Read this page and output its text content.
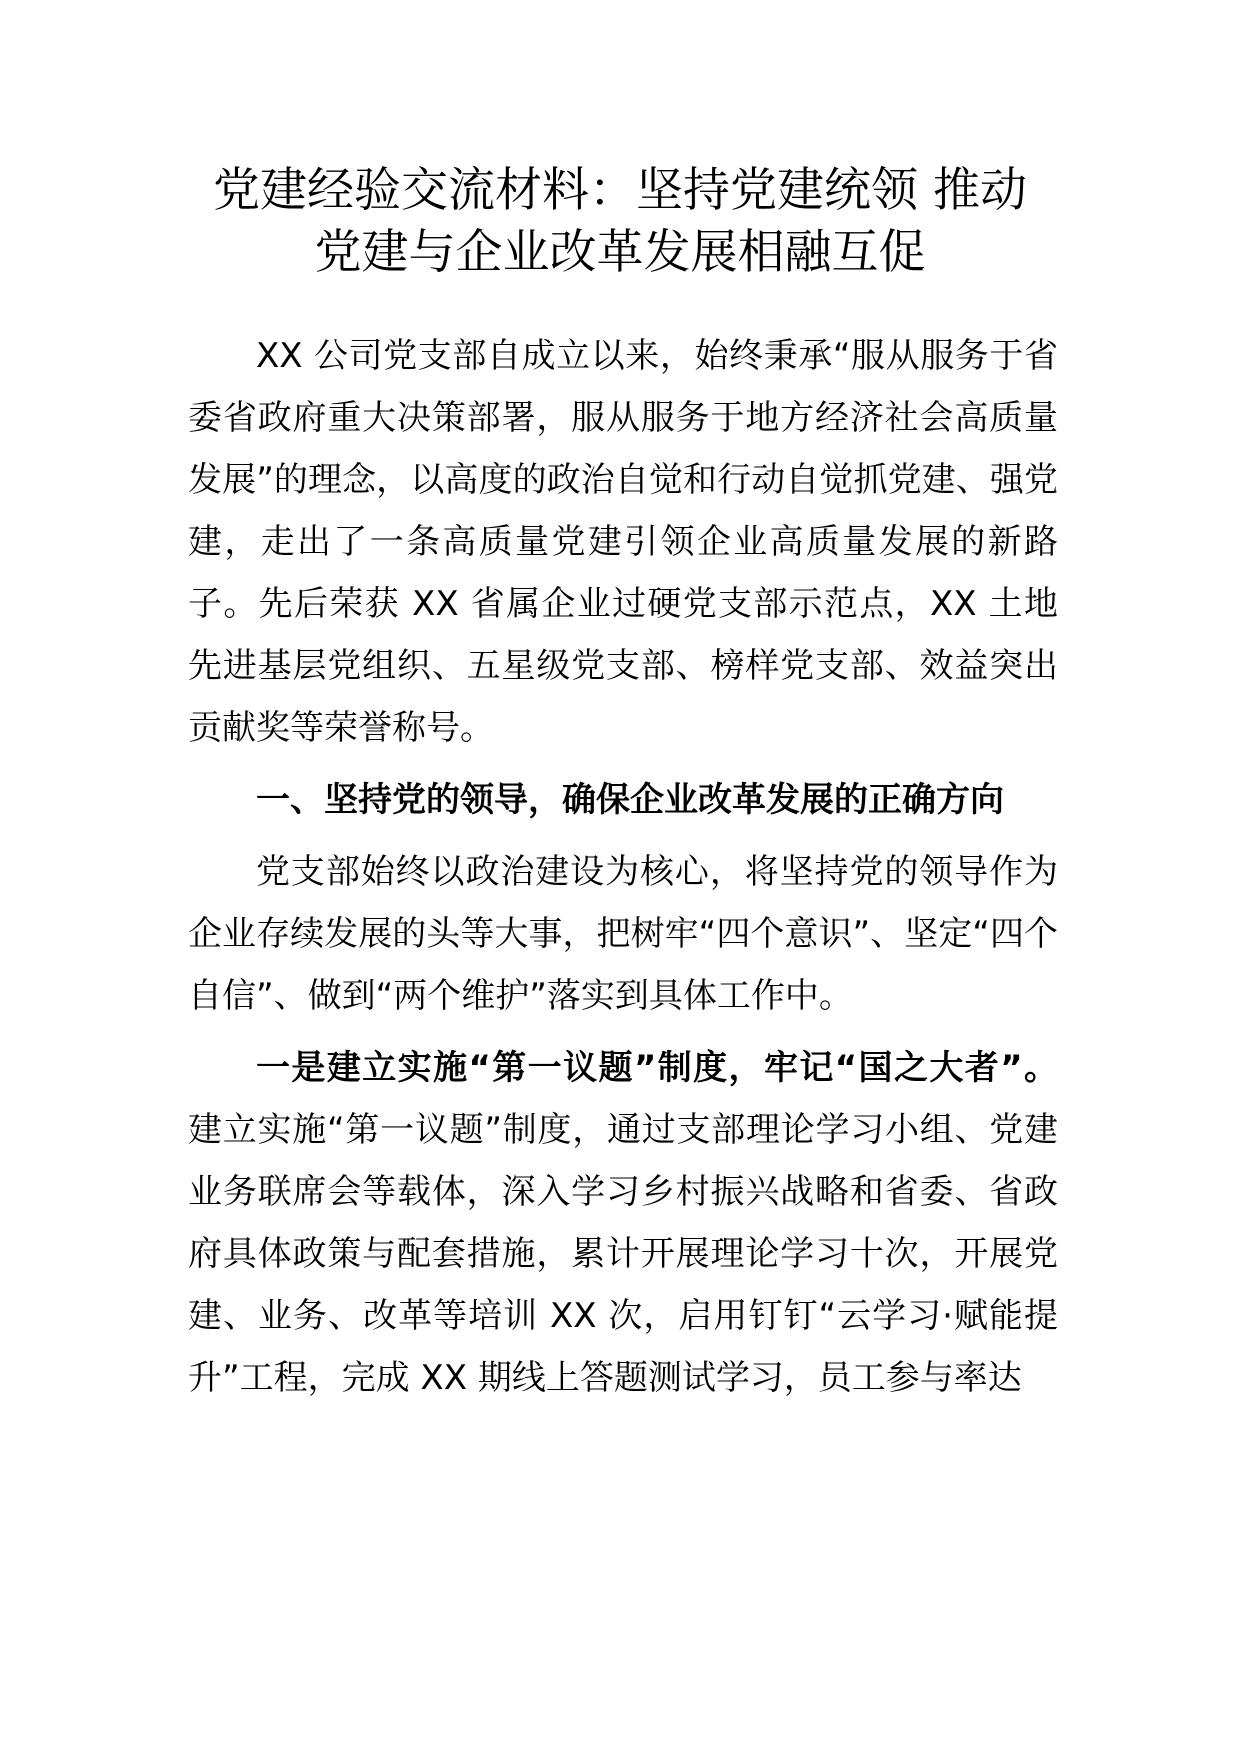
党建经验交流材料：坚持党建统领 推动
党建与企业改革发展相融互促

XX 公司党支部自成立以来，始终秉承“服从服务于省委省政府重大决策部署，服从服务于地方经济社会高质量发展”的理念，以高度的政治自觉和行动自觉抓党建、强党建，走出了一条高质量党建引领企业高质量发展的新路子。先后荣获 XX 省属企业过硬党支部示范点，XX 土地先进基层党组织、五星级党支部、榜样党支部、效益突出贡献奖等荣誉称号。

一、坚持党的领导，确保企业改革发展的正确方向

党支部始终以政治建设为核心，将坚持党的领导作为企业存续发展的头等大事，把树牢“四个意识”、坚定“四个自信”、做到“两个维护”落实到具体工作中。

一是建立实施“第一议题”制度，牢记“国之大者”。建立实施“第一议题”制度，通过支部理论学习小组、党建业务联席会等载体，深入学习乡村振兴战略和省委、省政府具体政策与配套措施，累计开展理论学习十次，开展党建、业务、改革等培训 XX 次，启用钉钉“云学习·赋能提升”工程，完成 XX 期线上答题测试学习，员工参与率达
